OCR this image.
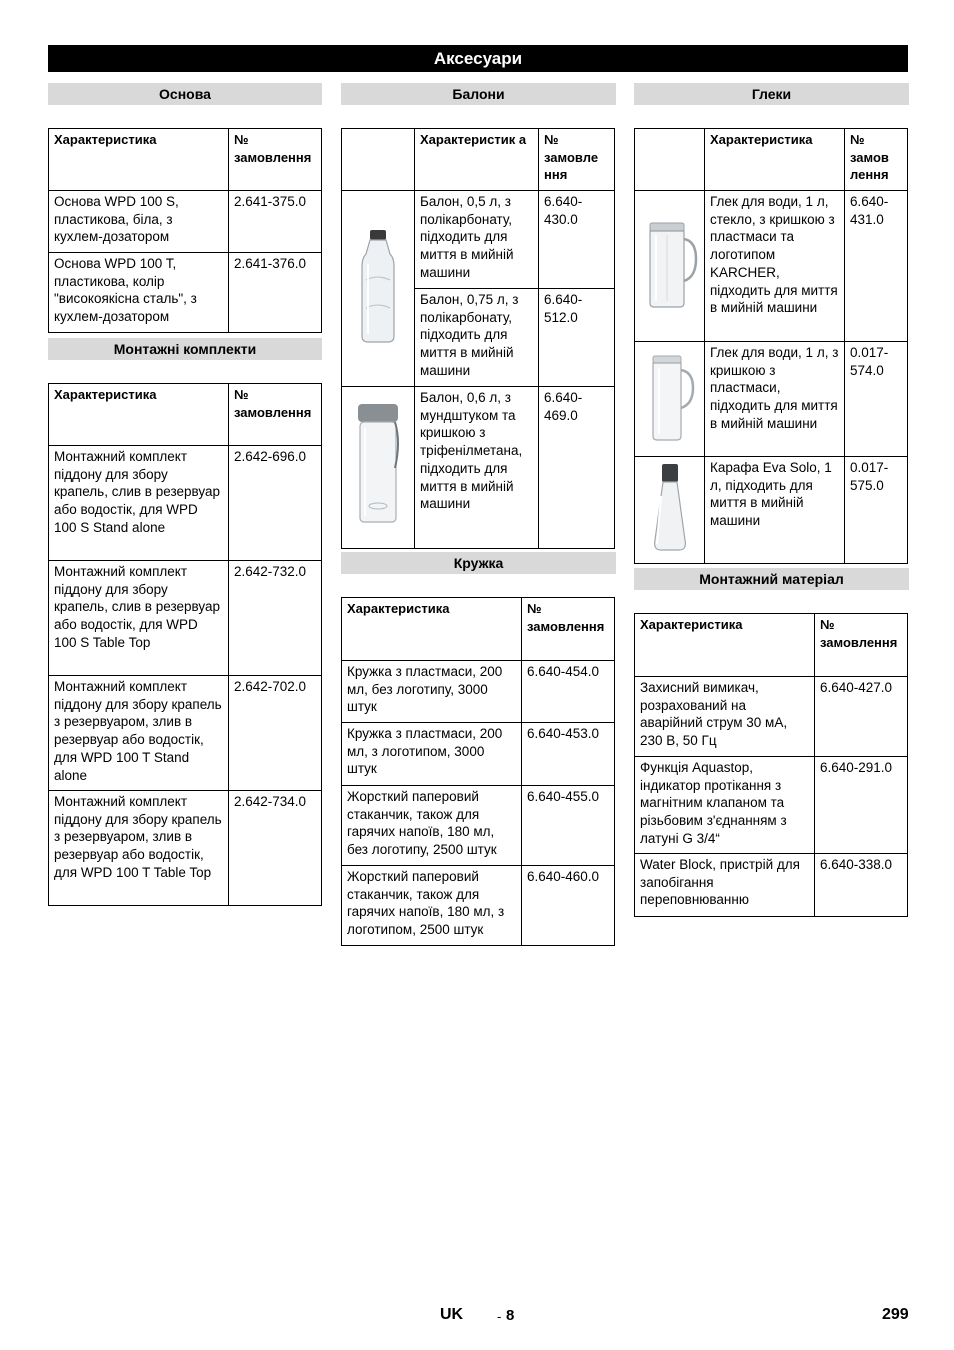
Аксесуари
Основа
Характеристика	№ замовлення
Основа WPD 100 S, пластикова, біла, з кухлем-дозатором	2.641-375.0
Основа WPD 100 T, пластикова, колір "високоякісна сталь", з кухлем-дозатором	2.641-376.0
Монтажні комплекти
Характеристика	№ замовлення
Монтажний комплект піддону для збору крапель, слив в резервуар або водостік, для WPD 100 S Stand alone	2.642-696.0
Монтажний комплект піддону для збору крапель, слив в резервуар або водостік, для WPD 100 S Table Top	2.642-732.0
Монтажний комплект піддону для збору крапель з резервуаром, злив в резервуар або водостік, для WPD 100 T Stand alone	2.642-702.0
Монтажний комплект піддону для збору крапель з резервуаром, злив в резервуар або водостік, для WPD 100 T Table Top	2.642-734.0
Балони
	Характеристик а	№ замовле ння
	Балон, 0,5 л, з полікарбонату, підходить для миття в мийній машини	6.640-430.0
	Балон, 0,75 л, з полікарбонату, підходить для миття в мийній машини	6.640-512.0
	Балон, 0,6 л, з мундштуком та кришкою з тріфенілметана, підходить для миття в мийній машини	6.640-469.0
Кружка
Характеристика	№ замовлення
Кружка з пластмаси, 200 мл, без логотипу, 3000 штук	6.640-454.0
Кружка з пластмаси, 200 мл, з логотипом, 3000 штук	6.640-453.0
Жорсткий паперовий стаканчик, також для гарячих напоїв, 180 мл, без логотипу, 2500 штук	6.640-455.0
Жорсткий паперовий стаканчик, також для гарячих напоїв, 180 мл, з логотипом, 2500 штук	6.640-460.0
Глеки
	Характеристика	№ замов лення
	Глек для води, 1 л, стекло, з кришкою з пластмаси та логотипом KARCHER, підходить для миття в мийній машини	6.640-431.0
	Глек для води, 1 л, з кришкою з пластмаси, підходить для миття в мийній машини	0.017-574.0
	Карафа Eva Solo, 1 л, підходить для миття в мийній машини	0.017-575.0
Монтажний матеріал
Характеристика	№ замовлення
Захисний вимикач, розрахований на аварійний струм 30 мА, 230 В, 50 Гц	6.640-427.0
Функція Aquastop, індикатор протікання з магнітним клапаном та різьбовим з'єднанням з латуні G 3/4“	6.640-291.0
Water Block, пристрій для запобігання переповнюванню	6.640-338.0
UK	- 8	299
